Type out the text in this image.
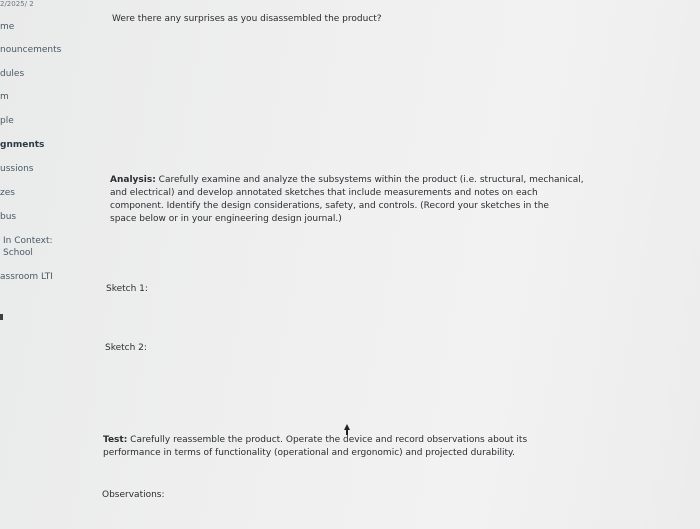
2/2025/ 2
me
nouncements
dules
m
ple
gnments
ussions
zes
bus
In Context:
School
assroom LTI
Were there any surprises as you disassembled the product?
Analysis: Carefully examine and analyze the subsystems within the product (i.e. structural, mechanical,
and electrical) and develop annotated sketches that include measurements and notes on each
component. Identify the design considerations, safety, and controls. (Record your sketches in the
space below or in your engineering design journal.)
Sketch 1:
Sketch 2:
Test: Carefully reassemble the product. Operate the device and record observations about its
performance in terms of functionality (operational and ergonomic) and projected durability.
Observations:
